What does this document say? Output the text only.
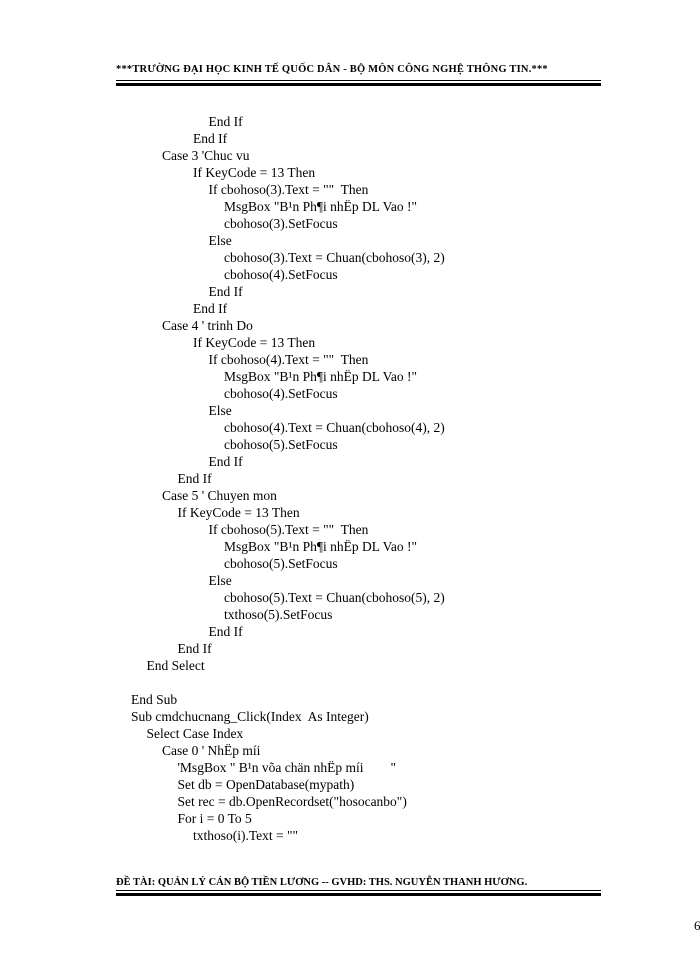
***TRƯỜNG ĐẠI HỌC KINH TẾ QUỐC DÂN - BỘ MÔN CÔNG NGHỆ THÔNG TIN.***
End If
End If
Case 3 'Chuc vu
If KeyCode = 13 Then
If cbohoso(3).Text = ""  Then
MsgBox "B¹n Ph¶i nhËp DL Vao !"
cbohoso(3).SetFocus
Else
cbohoso(3).Text = Chuan(cbohoso(3), 2)
cbohoso(4).SetFocus
End If
End If
Case 4 ' trinh Do
If KeyCode = 13 Then
If cbohoso(4).Text = ""  Then
MsgBox "B¹n Ph¶i nhËp DL Vao !"
cbohoso(4).SetFocus
Else
cbohoso(4).Text = Chuan(cbohoso(4), 2)
cbohoso(5).SetFocus
End If
End If
Case 5 ' Chuyen mon
If KeyCode = 13 Then
If cbohoso(5).Text = ""  Then
MsgBox "B¹n Ph¶i nhËp DL Vao !"
cbohoso(5).SetFocus
Else
cbohoso(5).Text = Chuan(cbohoso(5), 2)
txthoso(5).SetFocus
End If
End If
End Select
End Sub
Sub cmdchucnang_Click(Index  As Integer)
Select Case Index
Case 0 ' NhËp míi
'MsgBox " B¹n võa chän nhËp míi        "
Set db = OpenDatabase(mypath)
Set rec = db.OpenRecordset("hosocanbo")
For i = 0 To 5
txthoso(i).Text = ""
ĐỀ TÀI: QUẢN LÝ CÁN BỘ TIỀN LƯƠNG -- GVHD: THS. NGUYỄN THANH HƯƠNG.
6
